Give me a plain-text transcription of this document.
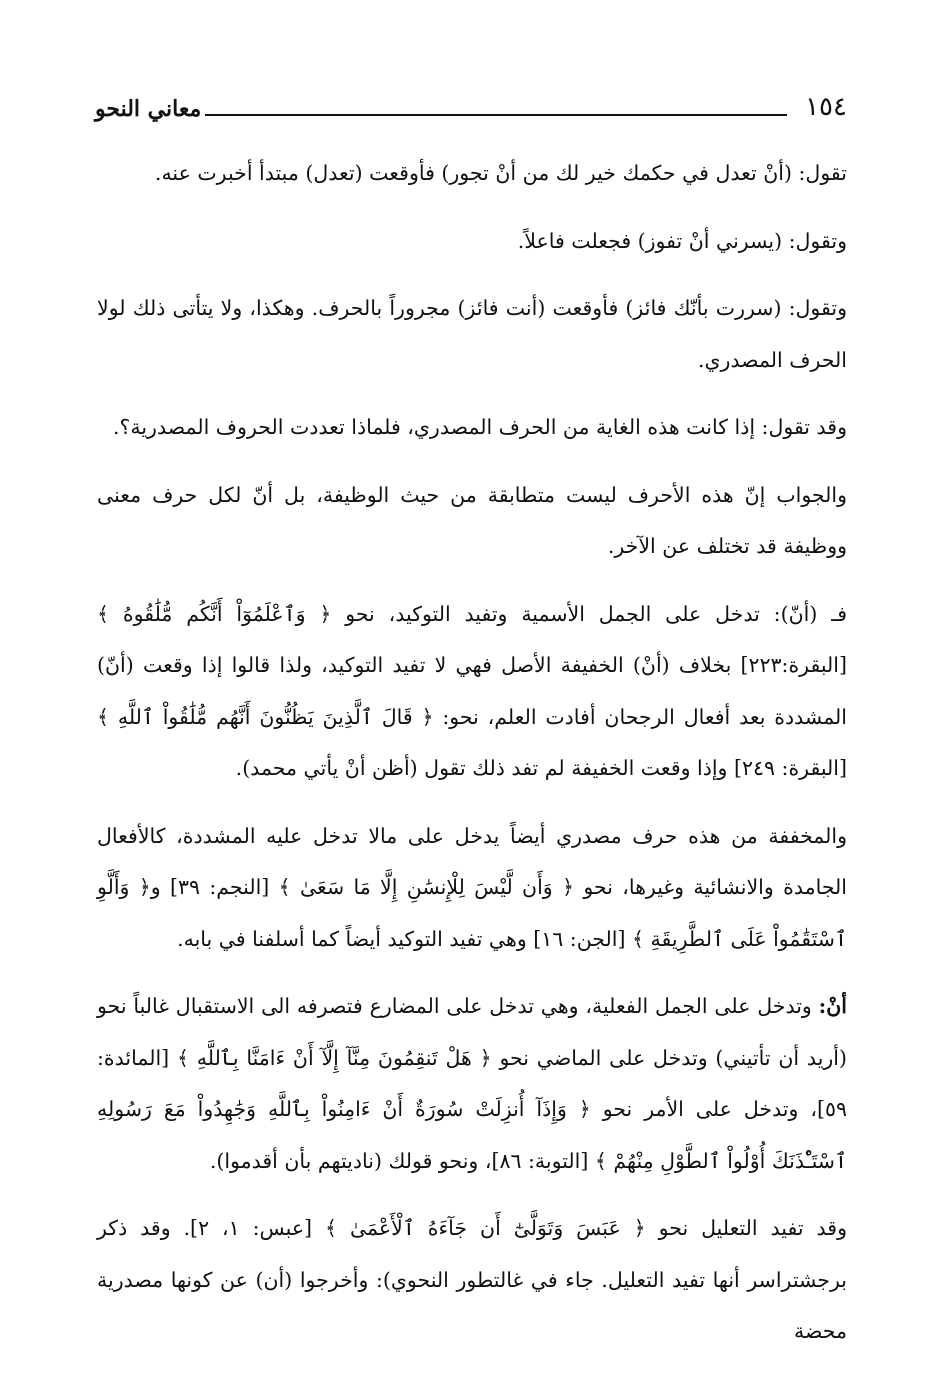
معاني النحو	١٥٤

تقول: (أنْ تعدل في حكمك خير لك من أنْ تجور) فأوقعت (تعدل) مبتدأ أخبرت عنه.

وتقول: (يسرني أنْ تفوز) فجعلت فاعلاً.

وتقول: (سررت بأنّك فائز) فأوقعت (أنت فائز) مجروراً بالحرف. وهكذا، ولا يتأتى ذلك لولا الحرف المصدري.

وقد تقول: إذا كانت هذه الغاية من الحرف المصدري، فلماذا تعددت الحروف المصدرية؟.

والجواب إنّ هذه الأحرف ليست متطابقة من حيث الوظيفة، بل أنّ لكل حرف معنى ووظيفة قد تختلف عن الآخر.

فـ (أنّ): تدخل على الجمل الأسمية وتفيد التوكيد، نحو ﴿ وَٱعْلَمُوٓاْ أَنَّكُم مُّلَٰقُوهُ ﴾ [البقرة:٢٢٣] بخلاف (أنْ) الخفيفة الأصل فهي لا تفيد التوكيد، ولذا قالوا إذا وقعت (أنّ) المشددة بعد أفعال الرجحان أفادت العلم، نحو: ﴿ قَالَ ٱلَّذِينَ يَظُنُّونَ أَنَّهُم مُّلَٰقُواْ ٱللَّهِ ﴾ [البقرة: ٢٤٩] وإذا وقعت الخفيفة لم تفد ذلك تقول (أظن أنْ يأتي محمد).

والمخففة من هذه حرف مصدري أيضاً يدخل على مالا تدخل عليه المشددة، كالأفعال الجامدة والانشائية وغيرها، نحو ﴿ وَأَن لَّيْسَ لِلْإِنسَٰنِ إِلَّا مَا سَعَىٰ ﴾ [النجم: ٣٩] و﴿ وَأَلَّوِ ٱسْتَقَٰمُواْ عَلَى ٱلطَّرِيقَةِ ﴾ [الجن: ١٦] وهي تفيد التوكيد أيضاً كما أسلفنا في بابه.

أنْ: وتدخل على الجمل الفعلية، وهي تدخل على المضارع فتصرفه الى الاستقبال غالباً نحو (أريد أن تأتيني) وتدخل على الماضي نحو ﴿ هَلْ تَنقِمُونَ مِنَّآ إِلَّآ أَنْ ءَامَنَّا بِٱللَّهِ ﴾ [المائدة: ٥٩]، وتدخل على الأمر نحو ﴿ وَإِذَآ أُنزِلَتْ سُورَةٌ أَنْ ءَامِنُواْ بِٱللَّهِ وَجَٰهِدُواْ مَعَ رَسُولِهِ ٱسْتَـْٔذَنَكَ أُوْلُواْ ٱلطَّوْلِ مِنْهُمْ ﴾ [التوبة: ٨٦]، ونحو قولك (ناديتهم بأن أقدموا).

وقد تفيد التعليل نحو ﴿ عَبَسَ وَتَوَلَّىٰٓ أَن جَآءَهُ ٱلْأَعْمَىٰ ﴾ [عبس: ١، ٢]. وقد ذكر برجشتراسر أنها تفيد التعليل. جاء في غالتطور النحوي): وأخرجوا (أن) عن كونها مصدرية محضة
